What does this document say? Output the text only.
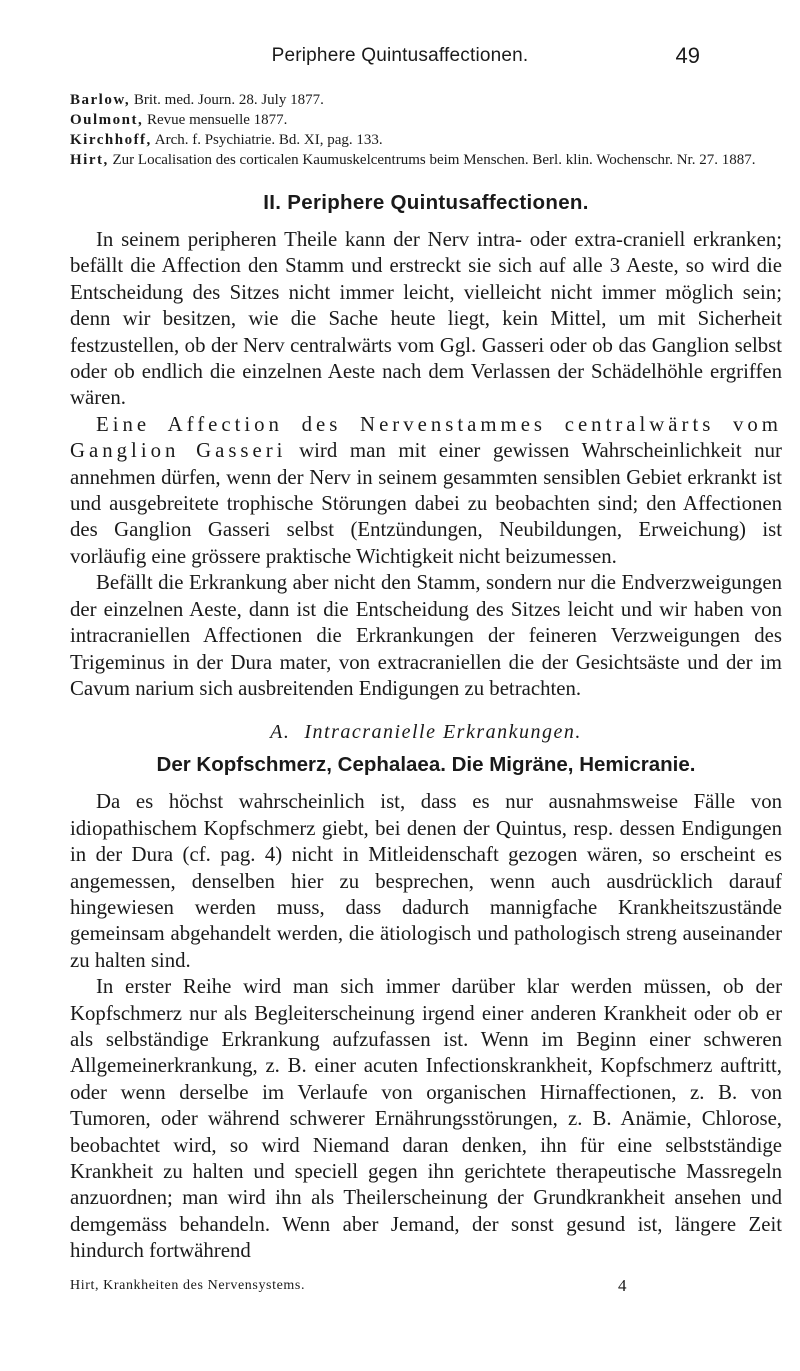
Periphere Quintusaffectionen.	49

Barlow, Brit. med. Journ. 28. July 1877.

Oulmont, Revue mensuelle 1877.

Kirchhoff, Arch. f. Psychiatrie. Bd. XI, pag. 133.

Hirt, Zur Localisation des corticalen Kaumuskelcentrums beim Menschen. Berl. klin. Wochenschr. Nr. 27. 1887.

II. Periphere Quintusaffectionen.

In seinem peripheren Theile kann der Nerv intra- oder extra-craniell erkranken; befällt die Affection den Stamm und erstreckt sie sich auf alle 3 Aeste, so wird die Entscheidung des Sitzes nicht immer leicht, vielleicht nicht immer möglich sein; denn wir besitzen, wie die Sache heute liegt, kein Mittel, um mit Sicherheit festzustellen, ob der Nerv centralwärts vom Ggl. Gasseri oder ob das Ganglion selbst oder ob endlich die einzelnen Aeste nach dem Verlassen der Schädelhöhle ergriffen wären.

Eine Affection des Nervenstammes centralwärts vom Ganglion Gasseri wird man mit einer gewissen Wahrscheinlichkeit nur annehmen dürfen, wenn der Nerv in seinem gesammten sensiblen Gebiet erkrankt ist und ausgebreitete trophische Störungen dabei zu beobachten sind; den Affectionen des Ganglion Gasseri selbst (Entzündungen, Neubildungen, Erweichung) ist vorläufig eine grössere praktische Wichtigkeit nicht beizumessen.

Befällt die Erkrankung aber nicht den Stamm, sondern nur die Endverzweigungen der einzelnen Aeste, dann ist die Entscheidung des Sitzes leicht und wir haben von intracraniellen Affectionen die Erkrankungen der feineren Verzweigungen des Trigeminus in der Dura mater, von extracraniellen die der Gesichtsäste und der im Cavum narium sich ausbreitenden Endigungen zu betrachten.

A. Intracranielle Erkrankungen.
Der Kopfschmerz, Cephalaea. Die Migräne, Hemicranie.

Da es höchst wahrscheinlich ist, dass es nur ausnahmsweise Fälle von idiopathischem Kopfschmerz giebt, bei denen der Quintus, resp. dessen Endigungen in der Dura (cf. pag. 4) nicht in Mitleidenschaft gezogen wären, so erscheint es angemessen, denselben hier zu besprechen, wenn auch ausdrücklich darauf hingewiesen werden muss, dass dadurch mannigfache Krankheitszustände gemeinsam abgehandelt werden, die ätiologisch und pathologisch streng auseinander zu halten sind.

In erster Reihe wird man sich immer darüber klar werden müssen, ob der Kopfschmerz nur als Begleiterscheinung irgend einer anderen Krankheit oder ob er als selbständige Erkrankung aufzufassen ist. Wenn im Beginn einer schweren Allgemeinerkrankung, z. B. einer acuten Infectionskrankheit, Kopfschmerz auftritt, oder wenn derselbe im Verlaufe von organischen Hirnaffectionen, z. B. von Tumoren, oder während schwerer Ernährungsstörungen, z. B. Anämie, Chlorose, beobachtet wird, so wird Niemand daran denken, ihn für eine selbstständige Krankheit zu halten und speciell gegen ihn gerichtete therapeutische Massregeln anzuordnen; man wird ihn als Theilerscheinung der Grundkrankheit ansehen und demgemäss behandeln. Wenn aber Jemand, der sonst gesund ist, längere Zeit hindurch fortwährend

Hirt, Krankheiten des Nervensystems.	4
